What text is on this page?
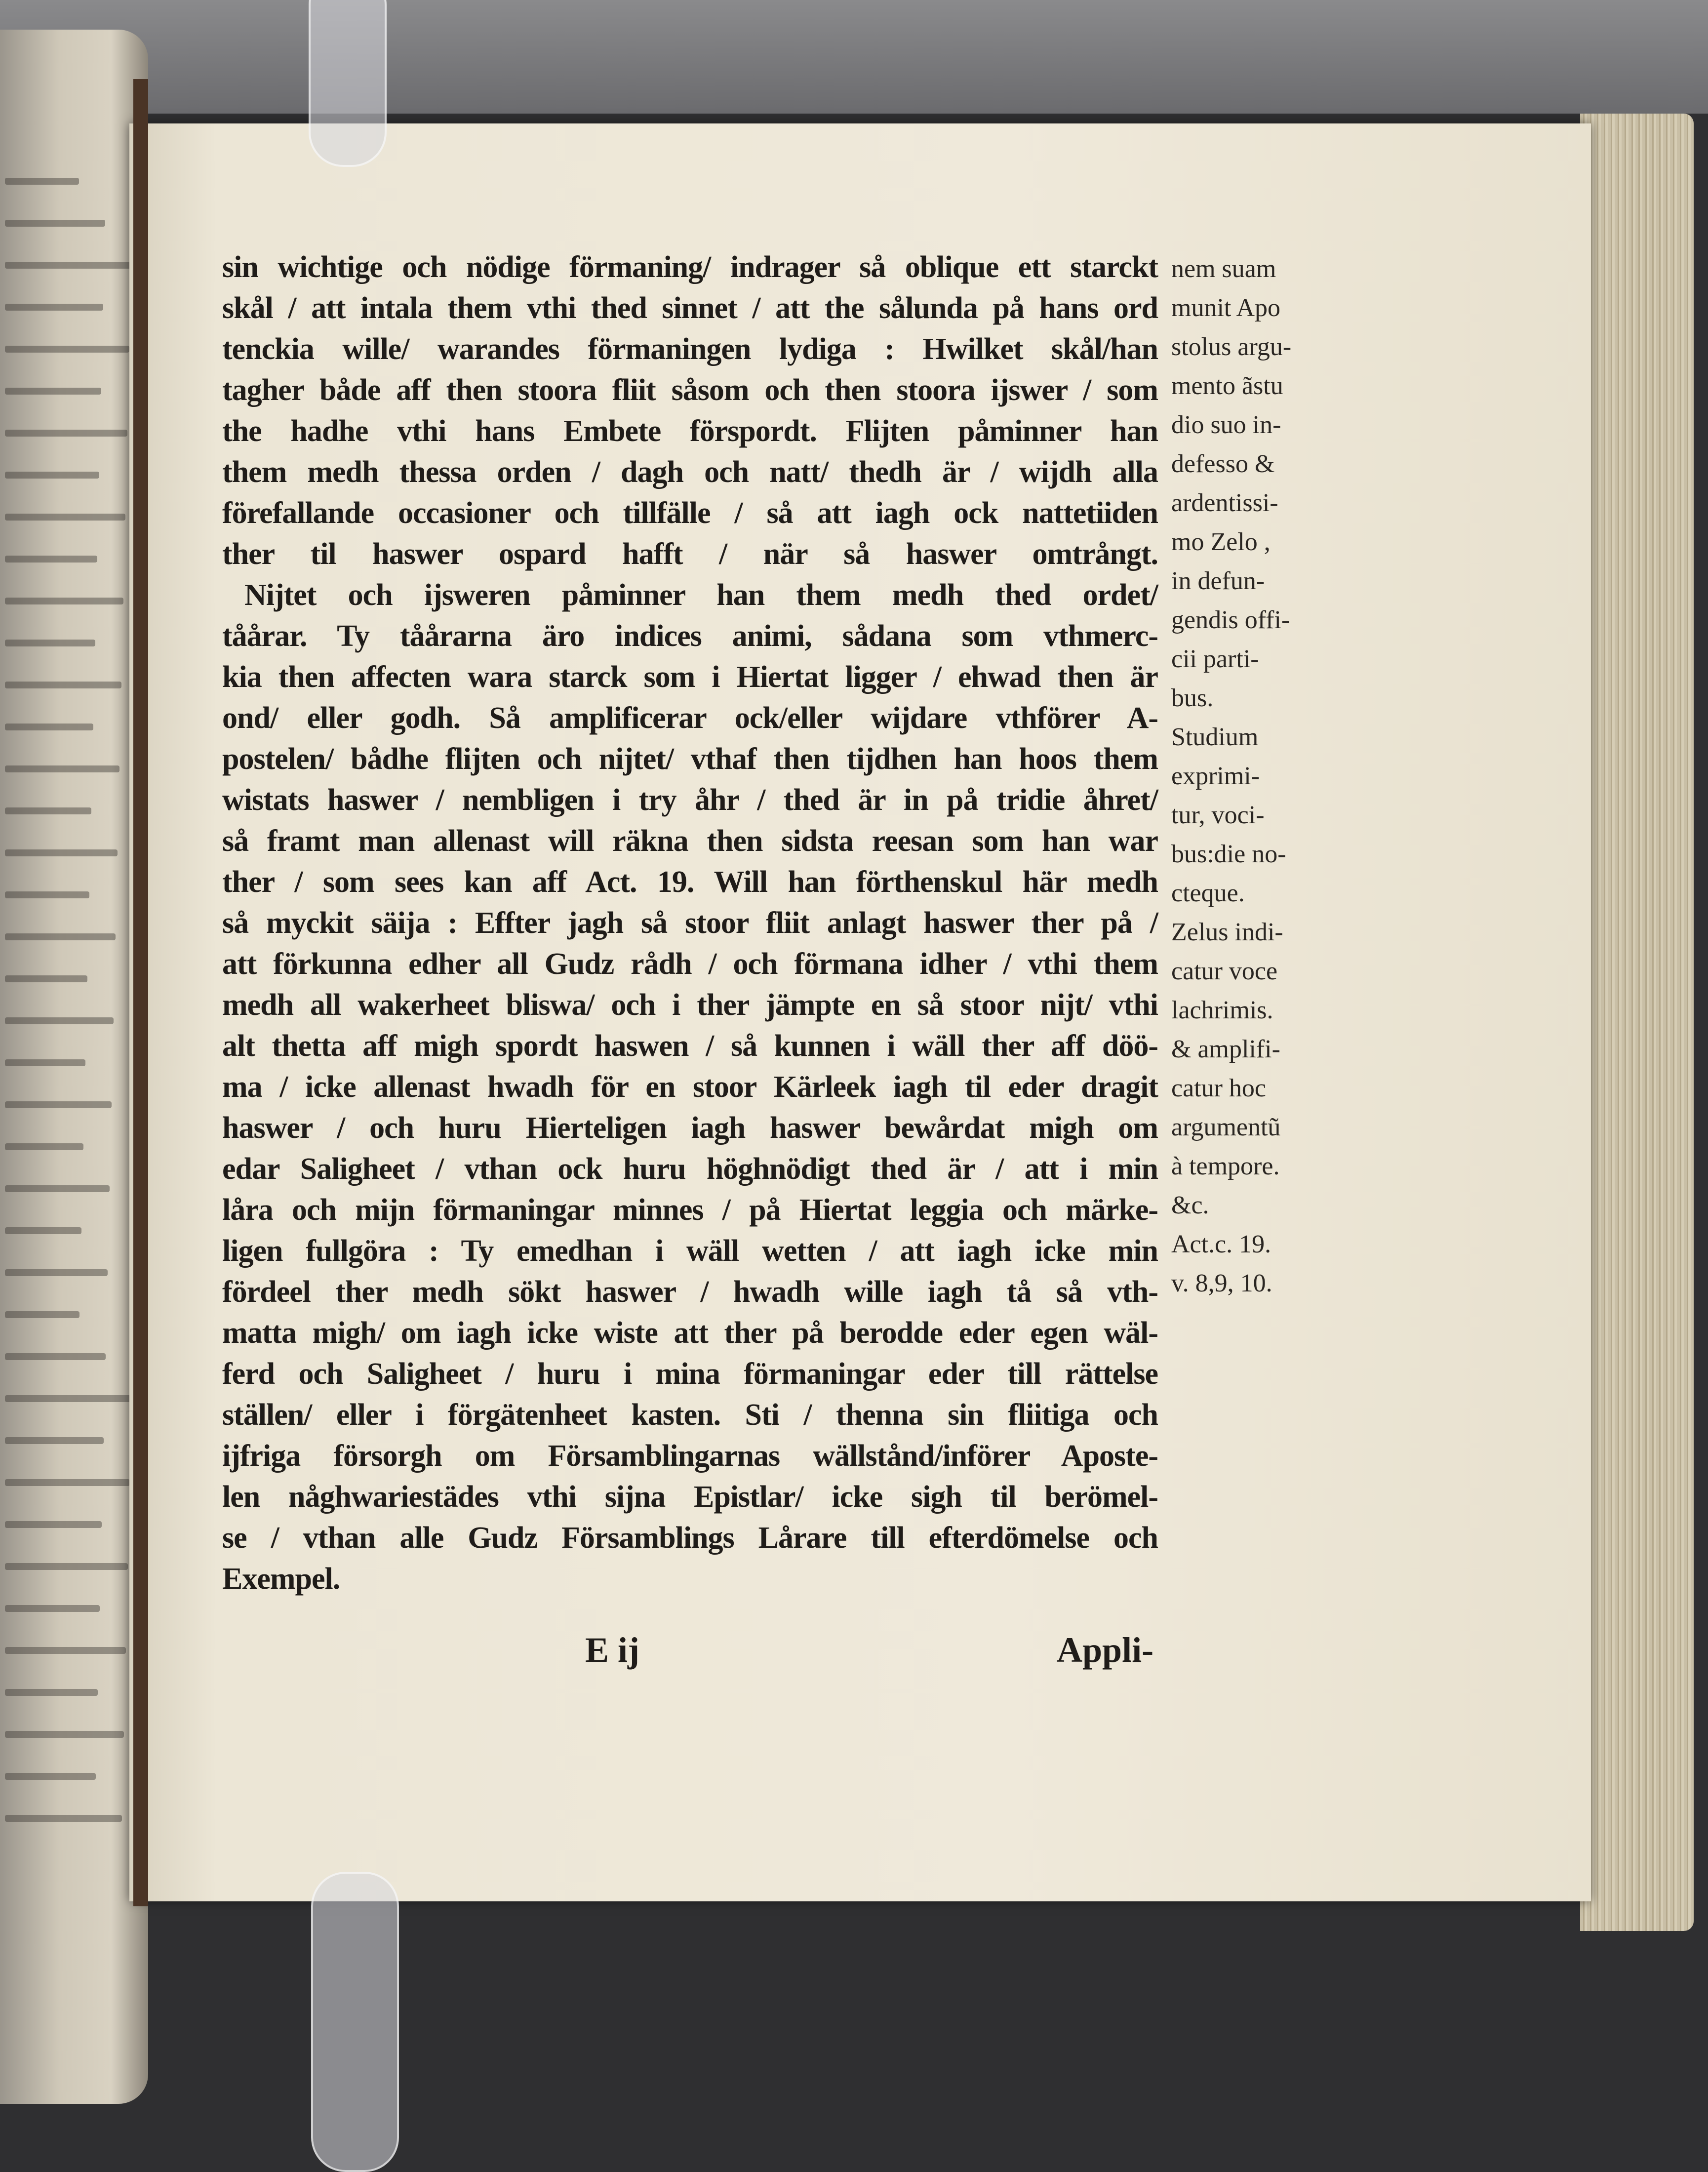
sin wichtige och nödige förmaning/ indrager så oblique ett starckt
skål / att intala them vthi thed sinnet / att the sålunda på hans ord
tenckia wille/ warandes förmaningen lydiga : Hwilket skål/han
tagher både aff then stoora fliit såsom och then stoora ijswer / som
the hadhe vthi hans Embete förspordt. Flijten påminner han
them medh thessa orden / dagh och natt/ thedh är / wijdh alla
förefallande occasioner och tillfälle / så att iagh ock nattetiiden
ther til haswer ospard hafft / när så haswer omtrångt.
Nijtet och ijsweren påminner han them medh thed ordet/
tåårar. Ty tåårarna äro indices animi, sådana som vthmerc-
kia then affecten wara starck som i Hiertat ligger / ehwad then är
ond/ eller godh. Så amplificerar ock/eller wijdare vthförer A-
postelen/ bådhe flijten och nijtet/ vthaf then tijdhen han hoos them
wistats haswer / nembligen i try åhr / thed är in på tridie åhret/
så framt man allenast will räkna then sidsta reesan som han war
ther / som sees kan aff Act. 19. Will han förthenskul här medh
så myckit säija : Effter jagh så stoor fliit anlagt haswer ther på /
att förkunna edher all Gudz rådh / och förmana idher / vthi them
medh all wakerheet bliswa/ och i ther jämpte en så stoor nijt/ vthi
alt thetta aff migh spordt haswen / så kunnen i wäll ther aff döö-
ma / icke allenast hwadh för en stoor Kärleek iagh til eder dragit
haswer / och huru Hierteligen iagh haswer bewårdat migh om
edar Saligheet / vthan ock huru höghnödigt thed är / att i min
låra och mijn förmaningar minnes / på Hiertat leggia och märke-
ligen fullgöra : Ty emedhan i wäll wetten / att iagh icke min
fördeel ther medh sökt haswer / hwadh wille iagh tå så vth-
matta migh/ om iagh icke wiste att ther på berodde eder egen wäl-
ferd och Saligheet / huru i mina förmaningar eder till rättelse
ställen/ eller i förgätenheet kasten. Sti / thenna sin fliitiga och
ijfriga försorgh om Församblingarnas wällstånd/införer Aposte-
len någhwariestädes vthi sijna Epistlar/ icke sigh til berömel-
se / vthan alle Gudz Församblings Lårare till efterdömelse och
Exempel.
nem suam
munit Apo
stolus argu-
mento ãstu
dio suo in-
defesso &
ardentissi-
mo Zelo ,
in defun-
gendis offi-
cii parti-
bus.
Studium
exprimi-
tur, voci-
bus:die no-
cteque.
Zelus indi-
catur voce
lachrimis.
& amplifi-
catur hoc
argumentũ
à tempore.
&c.
Act.c. 19.
v. 8,9, 10.
E ij	Appli-
